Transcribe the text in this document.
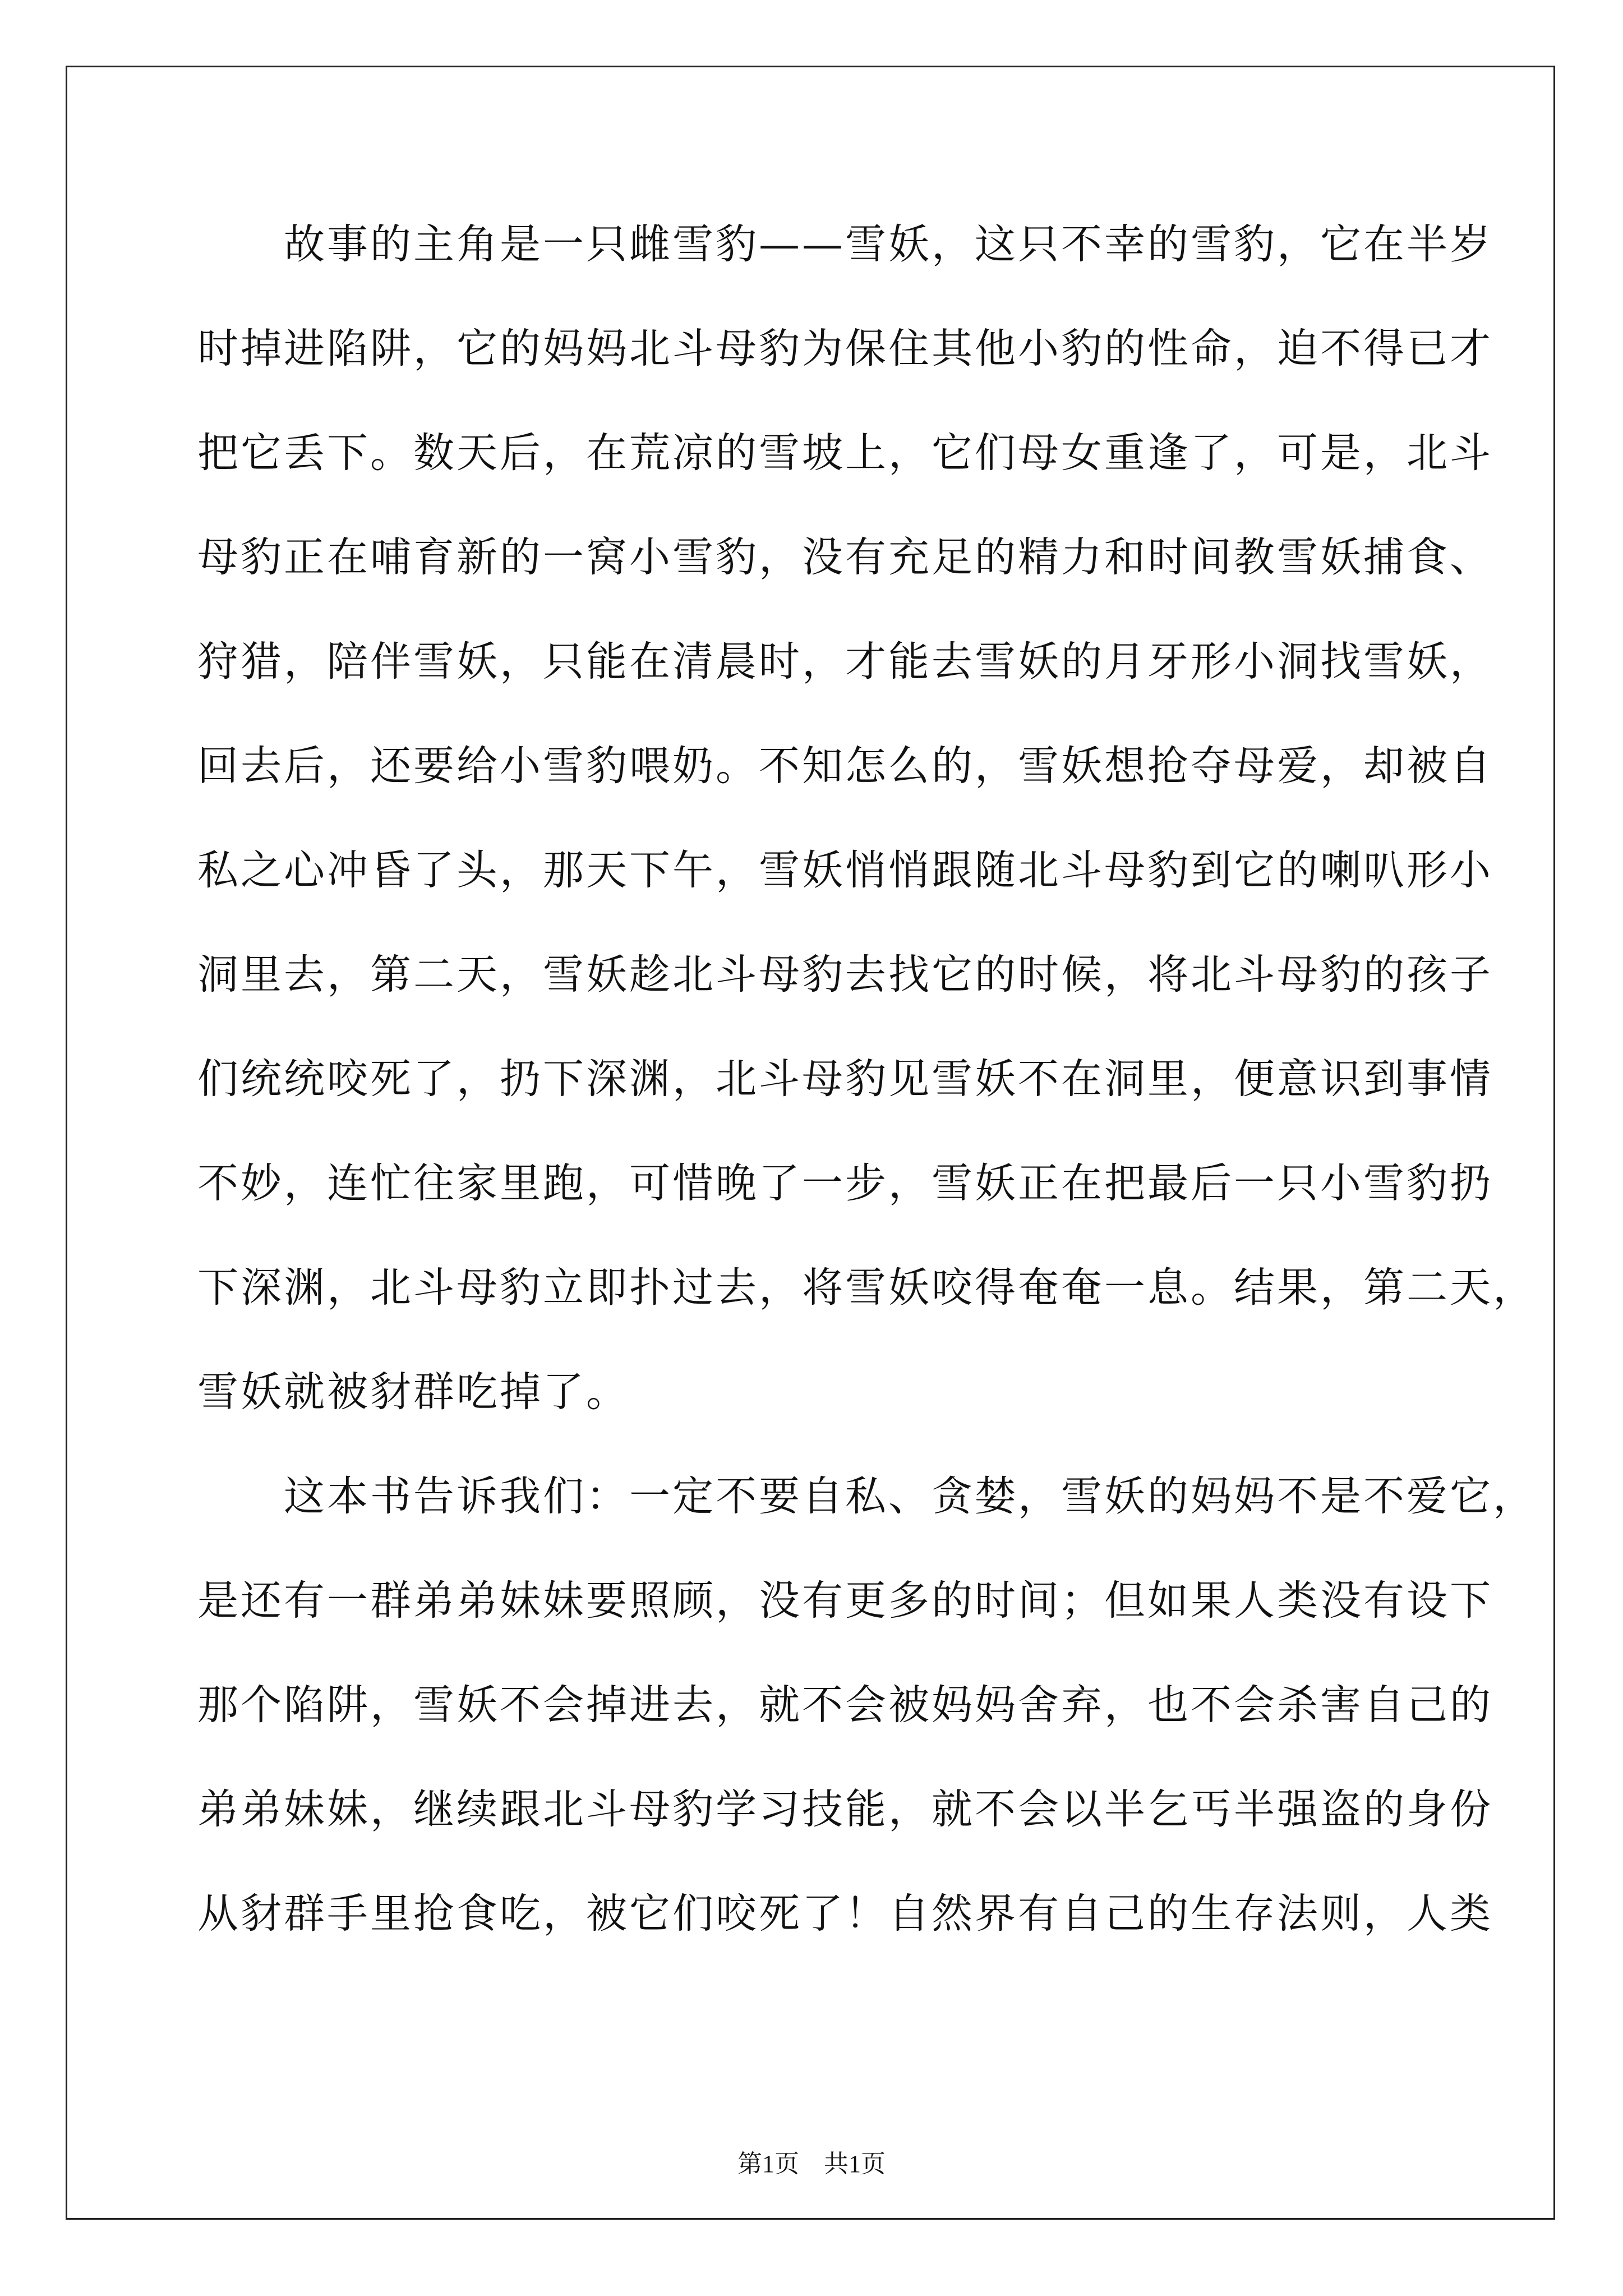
　　故事的主角是一只雌雪豹——雪妖，这只不幸的雪豹，它在半岁
时掉进陷阱，它的妈妈北斗母豹为保住其他小豹的性命，迫不得已才
把它丢下。数天后，在荒凉的雪坡上，它们母女重逢了，可是，北斗
母豹正在哺育新的一窝小雪豹，没有充足的精力和时间教雪妖捕食、
狩猎，陪伴雪妖，只能在清晨时，才能去雪妖的月牙形小洞找雪妖，
回去后，还要给小雪豹喂奶。不知怎么的，雪妖想抢夺母爱，却被自
私之心冲昏了头，那天下午，雪妖悄悄跟随北斗母豹到它的喇叭形小
洞里去，第二天，雪妖趁北斗母豹去找它的时候，将北斗母豹的孩子
们统统咬死了，扔下深渊，北斗母豹见雪妖不在洞里，便意识到事情
不妙，连忙往家里跑，可惜晚了一步，雪妖正在把最后一只小雪豹扔
下深渊，北斗母豹立即扑过去，将雪妖咬得奄奄一息。结果，第二天，
雪妖就被豺群吃掉了。
　　这本书告诉我们：一定不要自私、贪婪，雪妖的妈妈不是不爱它，
是还有一群弟弟妹妹要照顾，没有更多的时间；但如果人类没有设下
那个陷阱，雪妖不会掉进去，就不会被妈妈舍弃，也不会杀害自己的
弟弟妹妹，继续跟北斗母豹学习技能，就不会以半乞丐半强盗的身份
从豺群手里抢食吃，被它们咬死了！自然界有自己的生存法则，人类
第1页　共1页
